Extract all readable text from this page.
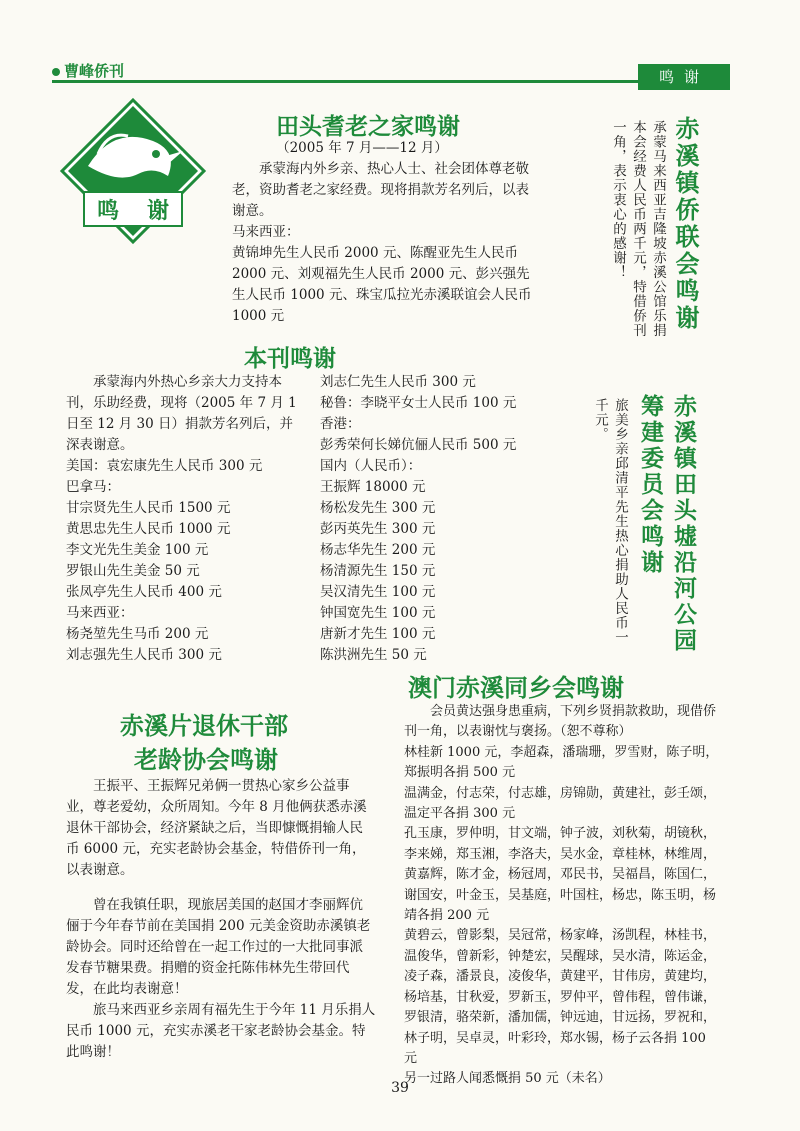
曹峰侨刊	鸣谢
鸣 谢
田头耆老之家鸣谢

（2005 年 7 月——12 月）

承蒙海内外乡亲、热心人士、社会团体尊老敬老，资助耆老之家经费。现将捐款芳名列后，以表谢意。

马来西亚：

黄锦坤先生人民币 2000 元、陈醒亚先生人民币 2000 元、刘观福先生人民币 2000 元、彭兴强先生人民币 1000 元、珠宝瓜拉光赤溪联谊会人民币 1000 元	赤溪镇侨联会鸣谢
承蒙马来西亚吉隆坡赤溪公馆乐捐本会经费人民币两千元，特借侨刊一角，表示衷心的感谢！
本刊鸣谢

承蒙海内外热心乡亲大力支持本刊，乐助经费，现将（2005 年 7 月 1 日至 12 月 30 日）捐款芳名列后，并深表谢意。

美国：袁宏康先生人民币 300 元

巴拿马：

甘宗贤先生人民币 1500 元

黄思忠先生人民币 1000 元

李文光先生美金 100 元

罗银山先生美金 50 元

张凤亭先生人民币 400 元

马来西亚：

杨尧堃先生马币 200 元

刘志强先生人民币 300 元

刘志仁先生人民币 300 元

秘鲁：李晓平女士人民币 100 元

香港：

彭秀荣何长娣伉俪人民币 500 元

国内（人民币）：

王振辉 18000 元

杨松发先生 300 元

彭丙英先生 300 元

杨志华先生 200 元

杨清源先生 150 元

吴汉清先生 100 元

钟国宽先生 100 元

唐新才先生 100 元

陈洪洲先生 50 元

赤溪镇田头墟沿河公园筹建委员会鸣谢
旅美乡亲邱清平先生热心捐助人民币一千元。
赤溪片退休干部
老龄协会鸣谢

王振平、王振辉兄弟俩一贯热心家乡公益事业，尊老爱幼，众所周知。今年 8 月他俩获悉赤溪退休干部协会，经济紧缺之后，当即慷慨捐输人民币 6000 元，充实老龄协会基金，特借侨刊一角，以表谢意。

曾在我镇任职，现旅居美国的赵国才李丽辉伉俪于今年春节前在美国捐 200 元美金资助赤溪镇老龄协会。同时还给曾在一起工作过的一大批同事派发春节糖果费。捐赠的资金托陈伟林先生带回代发，在此均表谢意！

旅马来西亚乡亲周有福先生于今年 11 月乐捐人民币 1000 元，充实赤溪老干家老龄协会基金。特此鸣谢！

澳门赤溪同乡会鸣谢

会员黄达强身患重病，下列乡贤捐款救助，现借侨刊一角，以表谢忱与褒扬。（恕不尊称）

林桂新 1000 元，李超森，潘瑞珊，罗雪财，陈子明，郑振明各捐 500 元

温满金，付志荣，付志雄，房锦勋，黄建社，彭壬颂，温定平各捐 300 元

孔玉康，罗仲明，甘文端，钟子波，刘秋菊，胡镜秋，李来娣，郑玉湘，李洛夫，吴水金，章桂林，林维周，黄嘉辉，陈才金，杨冠周，邓民书，吴福昌，陈国仁，谢国安，叶金玉，吴基庭，叶国柱，杨忠，陈玉明，杨靖各捐 200 元

黄碧云，曾影梨，吴冠常，杨家峰，汤凯程，林桂书，温俊华，曾新彩，钟楚宏，吴醒球，吴水清，陈运金，凌子森，潘景良，凌俊华，黄建平，甘伟房，黄建均，杨培基，甘秋爱，罗新玉，罗仲平，曾伟程，曾伟谦，罗银清，骆荣新，潘加儒，钟远迪，甘远扬，罗祝和，林子明，吴卓灵，叶彩玲，郑水锡，杨子云各捐 100 元

另一过路人闻悉慨捐 50 元（未名）

39
